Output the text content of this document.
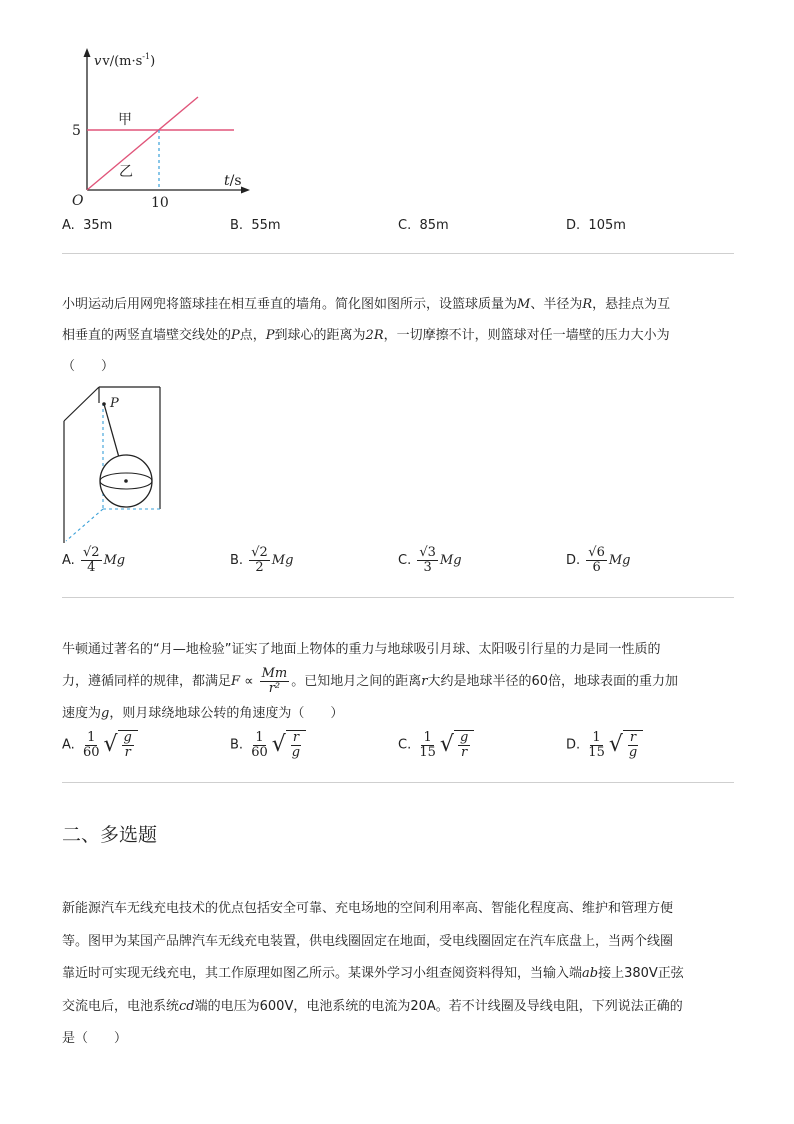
$vv/(m\cdot s^{-1})$
甲
乙
5
10
O
t/s
A. 35m	B. 55m	C. 85m	D. 105m
小明运动后用网兜将篮球挂在相互垂直的墙角。简化图如图所示，设篮球质量为M、半径为R，悬挂点为互
相垂直的两竖直墙壁交线处的P点，P到球心的距离为2R，一切摩擦不计，则篮球对任一墙壁的压力大小为
（　　）
P
A. $\frac{√2}{4}$ Mg	B. $\frac{√2}{2}$ Mg	C. $\frac{√3}{3}$ Mg	D. $\frac{√6}{6}$ Mg
牛顿通过著名的“月—地检验”证实了地面上物体的重力与地球吸引月球、太阳吸引行星的力是同一性质的
力，遵循同样的规律，都满足$F \propto \frac{Mm}{\text{r²}}$ 。已知地月之间的距离r大约是地球半径的60倍，地球表面的重力加
速度为g，则月球绕地球公转的角速度为（　　）
A. $\frac{1}{60}$ √ $\frac{g}{r}$	B. $\frac{1}{60}$ √ $\frac{r}{g}$	C. $\frac{1}{15}$ √ $\frac{g}{r}$	D. $\frac{1}{15}$ √ $\frac{r}{g}$
二、多选题
新能源汽车无线充电技术的优点包括安全可靠、充电场地的空间利用率高、智能化程度高、维护和管理方便
等。图甲为某国产品牌汽车无线充电装置，供电线圈固定在地面，受电线圈固定在汽车底盘上，当两个线圈
靠近时可实现无线充电，其工作原理如图乙所示。某课外学习小组查阅资料得知，当输入端ab接上380V正弦
交流电后，电池系统cd端的电压为600V，电池系统的电流为20A。若不计线圈及导线电阻，下列说法正确的
是（　　）
